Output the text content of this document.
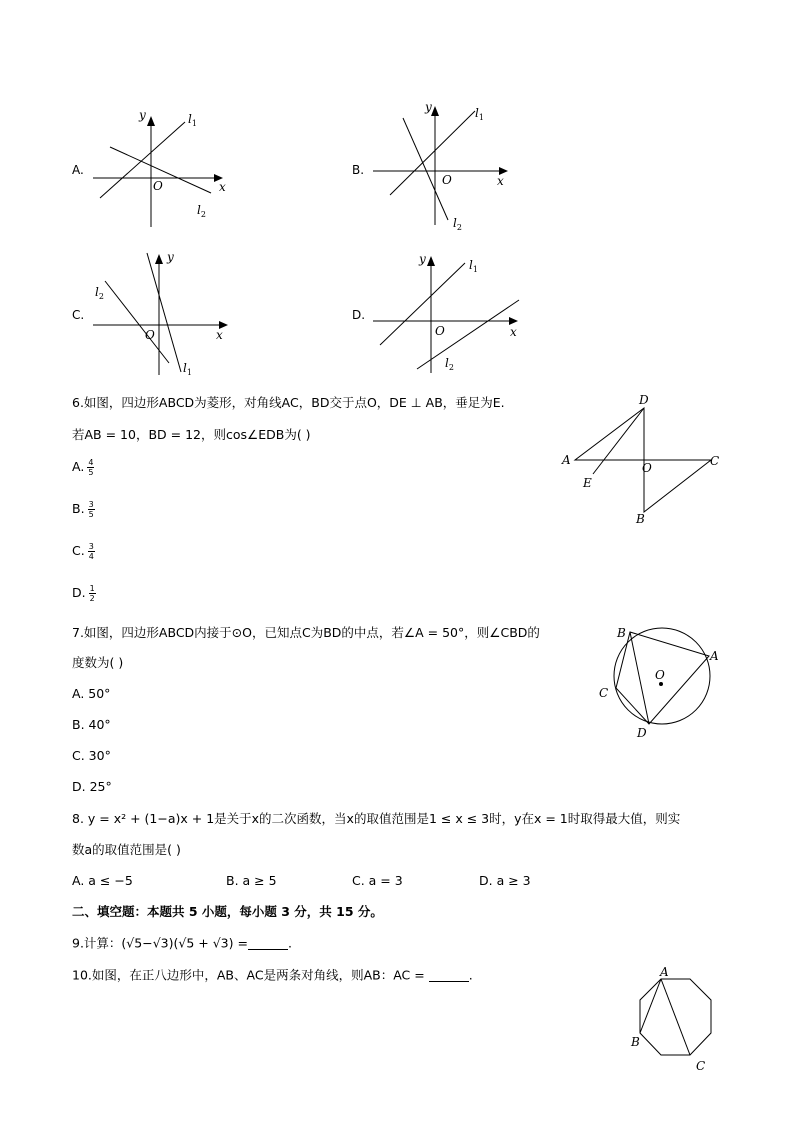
A.
y
x
O
$l_1$
$l_2$
B.
y
x
O
$l_1$
$l_2$
C.
y
x
O
$l_1$
$l_2$
D.
y
x
O
$l_1$
$l_2$
6.如图，四边形ABCD为菱形，对角线AC，BD交于点O，DE ⊥ AB，垂足为E.
若AB = 10，BD = 12，则cos∠EDB为( )
A. $\frac{4}{5}$
B. $\frac{3}{5}$
C. $\frac{3}{4}$
D. $\frac{1}{2}$
D
A	C
B
E
O
7.如图，四边形ABCD内接于⊙O，已知点C为BD的中点，若∠A = 50°，则∠CBD的
度数为( )
A. 50°
B. 40°
C. 30°
D. 25°
B
A
C
D
O
8. y = x² + (1−a)x + 1是关于x的二次函数，当x的取值范围是1 ≤ x ≤ 3时，y在x = 1时取得最大值，则实
数a的取值范围是( )
A. a ≤ −5	B. a ≥ 5	C. a = 3	D. a ≥ 3
二、填空题：本题共 5 小题，每小题 3 分，共 15 分。
9.计算：(√5−√3)(√5 + √3) =	.
10.如图，在正八边形中，AB、AC是两条对角线，则AB：AC =	.	A
B
C
